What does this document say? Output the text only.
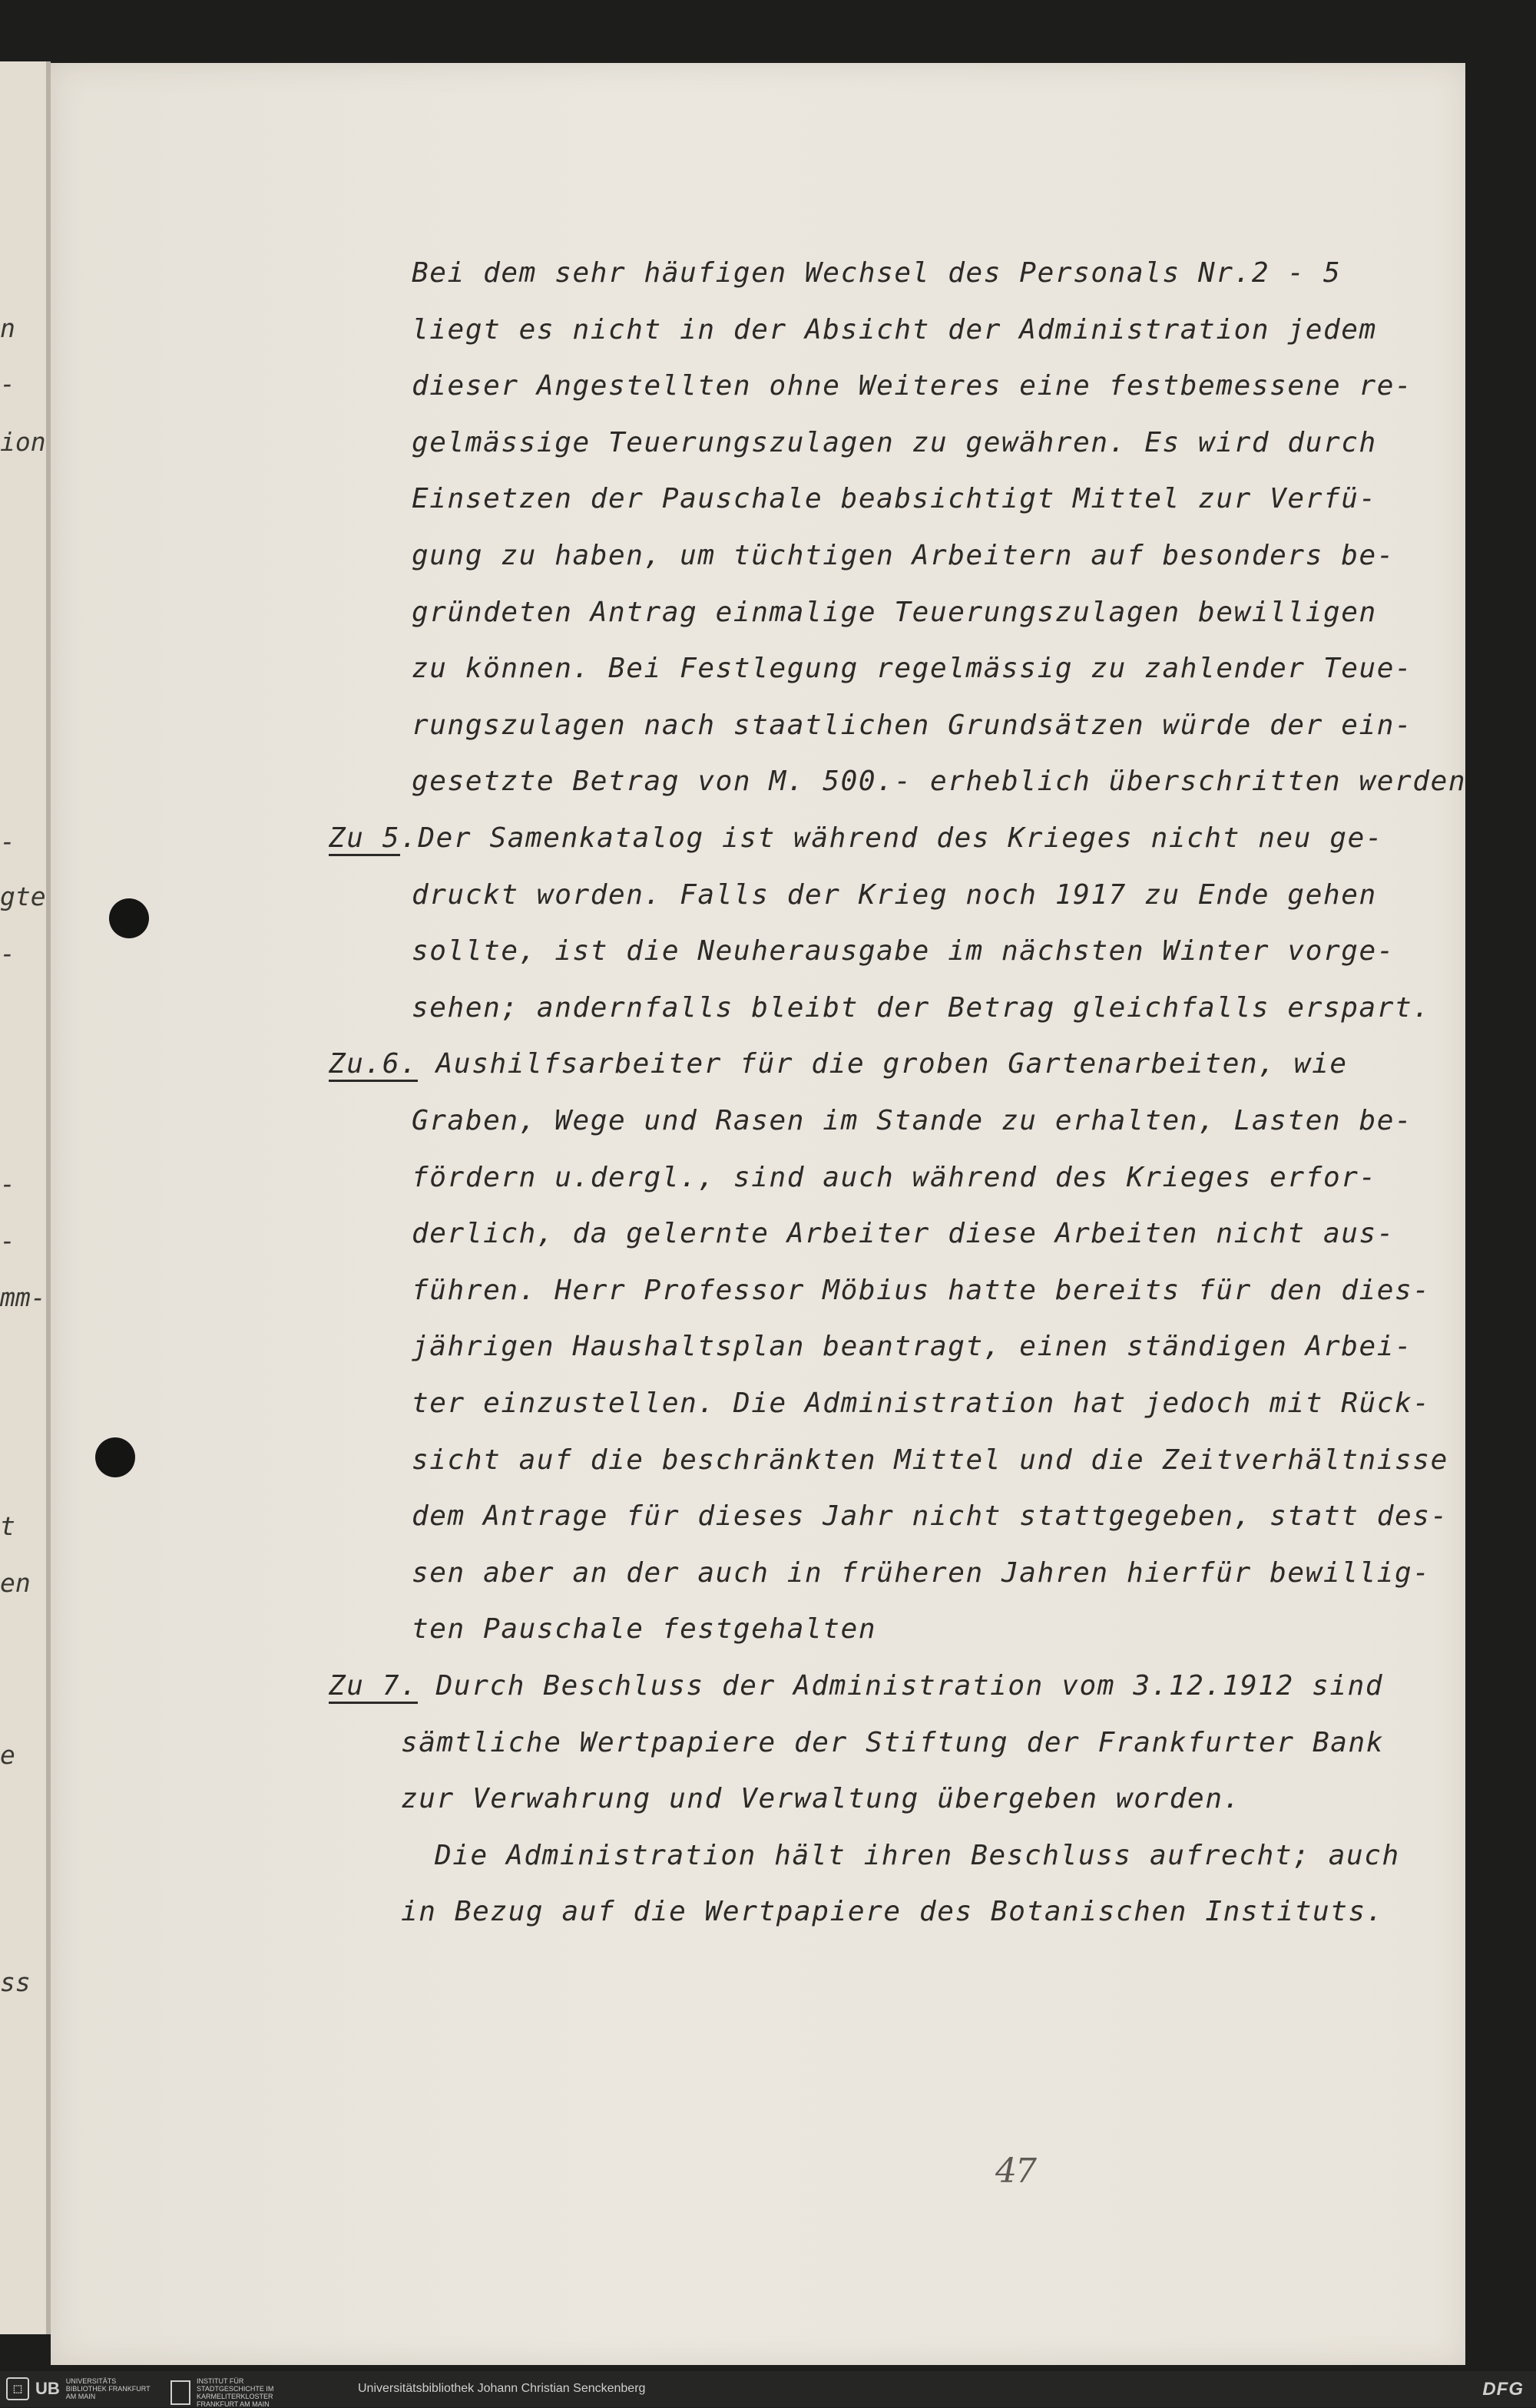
n
-
ion
-
gte
-
-
-
mm-
t
en
e
ss
Bei dem sehr häufigen Wechsel des Personals Nr.2 - 5
liegt es nicht in der Absicht der Administration jedem
dieser Angestellten ohne Weiteres eine festbemessene re-
gelmässige Teuerungszulagen zu gewähren. Es wird durch
Einsetzen der Pauschale beabsichtigt Mittel zur Verfü-
gung zu haben, um tüchtigen Arbeitern auf besonders be-
gründeten Antrag einmalige Teuerungszulagen bewilligen
zu können. Bei Festlegung regelmässig zu zahlender Teue-
rungszulagen nach staatlichen Grundsätzen würde der ein-
gesetzte Betrag von M. 500.- erheblich überschritten werden
Zu 5.Der Samenkatalog ist während des Krieges nicht neu ge-
druckt worden. Falls der Krieg noch 1917 zu Ende gehen
sollte, ist die Neuherausgabe im nächsten Winter vorge-
sehen; andernfalls bleibt der Betrag gleichfalls erspart.
Zu.6. Aushilfsarbeiter für die groben Gartenarbeiten, wie
Graben, Wege und Rasen im Stande zu erhalten, Lasten be-
fördern u.dergl., sind auch während des Krieges erfor-
derlich, da gelernte Arbeiter diese Arbeiten nicht aus-
führen. Herr Professor Möbius hatte bereits für den dies-
jährigen Haushaltsplan beantragt, einen ständigen Arbei-
ter einzustellen. Die Administration hat jedoch mit Rück-
sicht auf die beschränkten Mittel und die Zeitverhältnisse
dem Antrage für dieses Jahr nicht stattgegeben, statt des-
sen aber an der auch in früheren Jahren hierfür bewillig-
ten Pauschale festgehalten
Zu 7. Durch Beschluss der Administration vom 3.12.1912 sind
sämtliche Wertpapiere der Stiftung der Frankfurter Bank
zur Verwahrung und Verwaltung übergeben worden.
Die Administration hält ihren Beschluss aufrecht; auch
in Bezug auf die Wertpapiere des Botanischen Instituts.
47
⬚ UB UNIVERSITÄTS BIBLIOTHEK FRANKFURT AM MAIN
INSTITUT FÜR STADTGESCHICHTE IM KARMELITERKLOSTER FRANKFURT AM MAIN
Universitätsbibliothek Johann Christian Senckenberg	DFG
